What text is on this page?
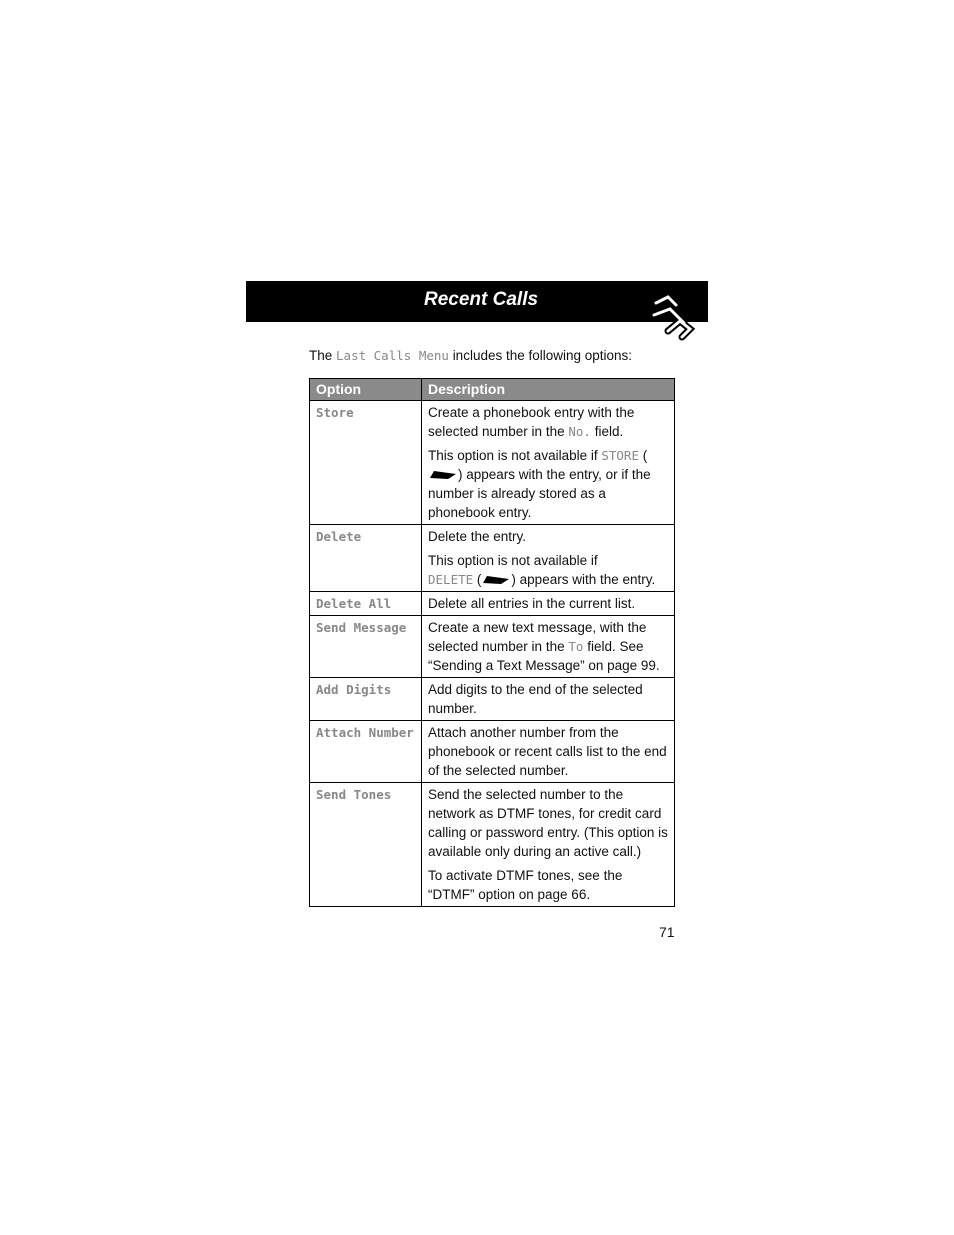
Recent Calls
The Last Calls Menu includes the following options:
Option	Description
Store	Create a phonebook entry with the selected number in the No. field.

This option is not available if STORE () appears with the entry, or if the number is already stored as a phonebook entry.

Delete	Delete the entry.

This option is not available if
DELETE ( ) appears with the entry.

Delete All	Delete all entries in the current list.

Send Message	Create a new text message, with the selected number in the To field. See “Sending a Text Message” on page 99.

Add Digits	Add digits to the end of the selected number.

Attach Number	Attach another number from the phonebook or recent calls list to the end of the selected number.

Send Tones	Send the selected number to the network as DTMF tones, for credit card calling or password entry. (This option is available only during an active call.)

To activate DTMF tones, see the “DTMF” option on page 66.

71
